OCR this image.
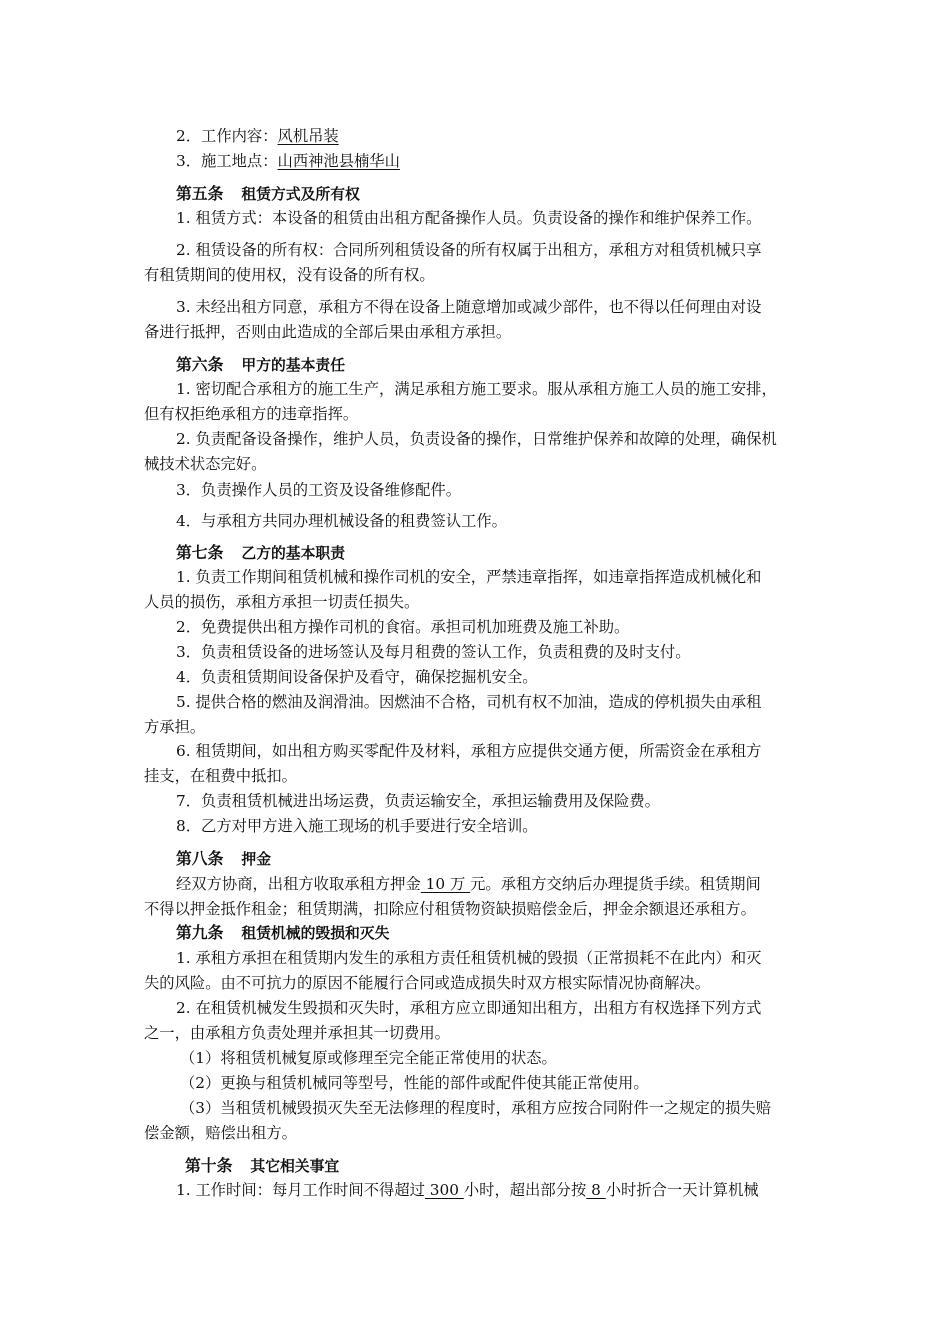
2．工作内容：风机吊装
3．施工地点：山西神池县楠华山
第五条 租赁方式及所有权
1. 租赁方式：本设备的租赁由出租方配备操作人员。负责设备的操作和维护保养工作。
2. 租赁设备的所有权：合同所列租赁设备的所有权属于出租方，承租方对租赁机械只享
有租赁期间的使用权，没有设备的所有权。
3. 未经出租方同意，承租方不得在设备上随意增加或减少部件，也不得以任何理由对设
备进行抵押，否则由此造成的全部后果由承租方承担。
第六条 甲方的基本责任
1. 密切配合承租方的施工生产，满足承租方施工要求。服从承租方施工人员的施工安排，
但有权拒绝承租方的违章指挥。
2. 负责配备设备操作，维护人员，负责设备的操作，日常维护保养和故障的处理，确保机
械技术状态完好。
3．负责操作人员的工资及设备维修配件。
4．与承租方共同办理机械设备的租费签认工作。
第七条 乙方的基本职责
1. 负责工作期间租赁机械和操作司机的安全，严禁违章指挥，如违章指挥造成机械化和
人员的损伤，承租方承担一切责任损失。
2．免费提供出租方操作司机的食宿。承担司机加班费及施工补助。
3．负责租赁设备的进场签认及每月租费的签认工作，负责租费的及时支付。
4．负责租赁期间设备保护及看守，确保挖掘机安全。
5. 提供合格的燃油及润滑油。因燃油不合格，司机有权不加油，造成的停机损失由承租
方承担。
6. 租赁期间，如出租方购买零配件及材料，承租方应提供交通方便，所需资金在承租方
挂支，在租费中抵扣。
7．负责租赁机械进出场运费，负责运输安全，承担运输费用及保险费。
8．乙方对甲方进入施工现场的机手要进行安全培训。
第八条 押金
经双方协商，出租方收取承租方押金 10 万 元。承租方交纳后办理提货手续。租赁期间
不得以押金抵作租金；租赁期满，扣除应付租赁物资缺损赔偿金后，押金余额退还承租方。
第九条 租赁机械的毁损和灭失
1. 承租方承担在租赁期内发生的承租方责任租赁机械的毁损（正常损耗不在此内）和灭
失的风险。由不可抗力的原因不能履行合同或造成损失时双方根实际情况协商解决。
2. 在租赁机械发生毁损和灭失时，承租方应立即通知出租方，出租方有权选择下列方式
之一，由承租方负责处理并承担其一切费用。
（1）将租赁机械复原或修理至完全能正常使用的状态。
（2）更换与租赁机械同等型号，性能的部件或配件使其能正常使用。
（3）当租赁机械毁损灭失至无法修理的程度时，承租方应按合同附件一之规定的损失赔
偿金额，赔偿出租方。
第十条 其它相关事宜
1. 工作时间：每月工作时间不得超过 300 小时，超出部分按 8 小时折合一天计算机械
